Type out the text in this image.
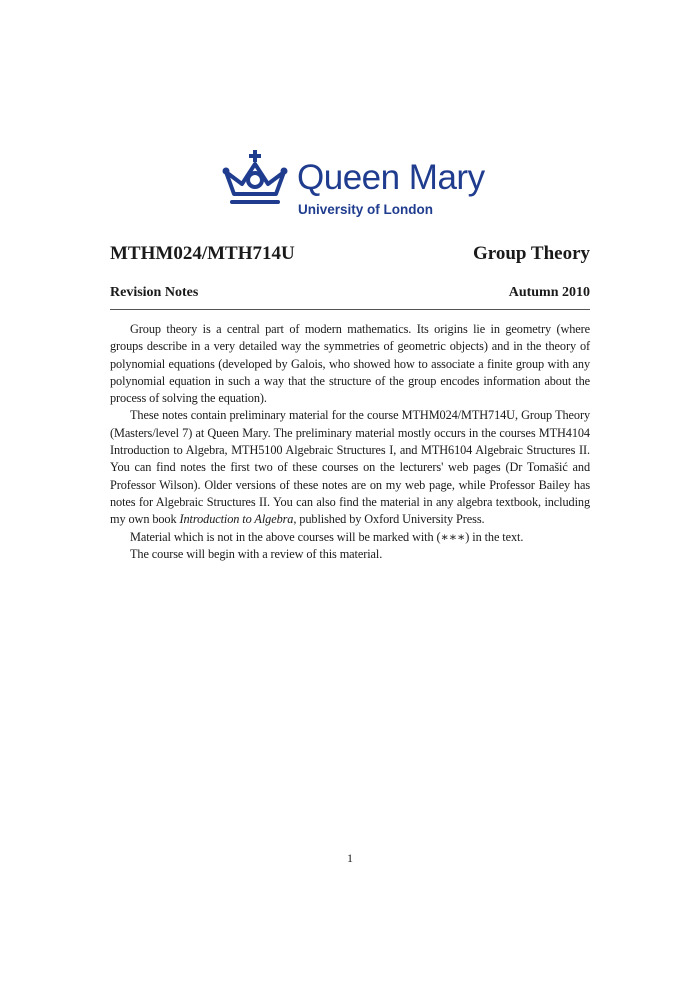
Queen Mary
University of London
MTHM024/MTH714U	Group Theory
Revision Notes	Autumn 2010

Group theory is a central part of modern mathematics. Its origins lie in geometry (where groups describe in a very detailed way the symmetries of geometric objects) and in the theory of polynomial equations (developed by Galois, who showed how to associate a finite group with any polynomial equation in such a way that the structure of the group encodes information about the process of solving the equation).

These notes contain preliminary material for the course MTHM024/MTH714U, Group Theory (Masters/level 7) at Queen Mary. The preliminary material mostly occurs in the courses MTH4104 Introduction to Algebra, MTH5100 Algebraic Structures I, and MTH6104 Algebraic Structures II. You can find notes the first two of these courses on the lecturers' web pages (Dr Tomašić and Professor Wilson). Older versions of these notes are on my web page, while Professor Bailey has notes for Algebraic Structures II. You can also find the material in any algebra textbook, including my own book Introduction to Algebra, published by Oxford University Press.

Material which is not in the above courses will be marked with (∗∗∗) in the text.

The course will begin with a review of this material.

1
